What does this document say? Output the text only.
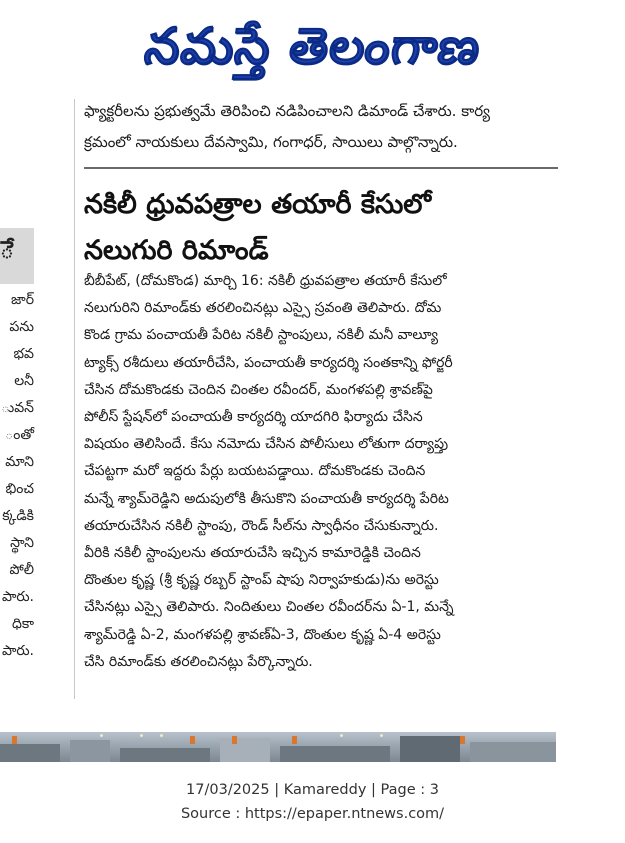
నమస్తే తెలంగాణ
ే
జార్
పను
భవ
లనీ
ువన్
ంతో
మాని
భించ
క్కడికి
స్థాని
పోలీ
పారు.
ధికా
పారు.

ఫ్యాక్టరీలను ప్రభుత్వమే తెరిపించి నడిపించాలని డిమాండ్ చేశారు. కార్య

క్రమంలో నాయకులు దేవస్వామి, గంగాధర్, సాయిలు పాల్గొన్నారు.

నకిలీ ధ్రువపత్రాల తయారీ కేసులో

నలుగురి రిమాండ్

బీబీపేట్, (దోమకొండ) మార్చి 16: నకిలీ ధ్రువపత్రాల తయారీ కేసులో

నలుగురిని రిమాండ్‌కు తరలించినట్లు ఎస్సై స్రవంతి తెలిపారు. దోమ

కొండ గ్రామ పంచాయతీ పేరిట నకిలీ స్టాంపులు, నకిలీ మనీ వాల్యూ

ట్యాక్స్ రశీదులు తయారీచేసి, పంచాయతీ కార్యదర్శి సంతకాన్ని ఫోర్జరీ

చేసిన దోమకొండకు చెందిన చింతల రవీందర్, మంగళపల్లి శ్రావణ్‌పై

పోలీస్ స్టేషన్‌లో పంచాయతీ కార్యదర్శి యాదగిరి ఫిర్యాదు చేసిన

విషయం తెలిసిందే. కేసు నమోదు చేసిన పోలీసులు లోతుగా దర్యాప్తు

చేపట్టగా మరో ఇద్దరు పేర్లు బయటపడ్డాయి. దోమకొండకు చెందిన

మన్నే శ్యామ్‌రెడ్డిని అదుపులోకి తీసుకొని పంచాయతీ కార్యదర్శి పేరిట

తయారుచేసిన నకిలీ స్టాంపు, రౌండ్ సీల్‌ను స్వాధీనం చేసుకున్నారు.

వీరికి నకిలీ స్టాంపులను తయారుచేసి ఇచ్చిన కామారెడ్డికి చెందిన

దొంతుల కృష్ణ (శ్రీ కృష్ణ రబ్బర్ స్టాంప్ షాపు నిర్వాహకుడు)ను అరెస్టు

చేసినట్లు ఎస్సై తెలిపారు. నిందితులు చింతల రవీందర్‌ను ఏ-1, మన్నే

శ్యామ్‌రెడ్డి ఏ-2, మంగళపల్లి శ్రావణ్‌ఏ-3, దొంతుల కృష్ణ ఏ-4 అరెస్టు

చేసి రిమాండ్‌కు తరలించినట్లు పేర్కొన్నారు.

17/03/2025 | Kamareddy | Page : 3
Source : https://epaper.ntnews.com/
